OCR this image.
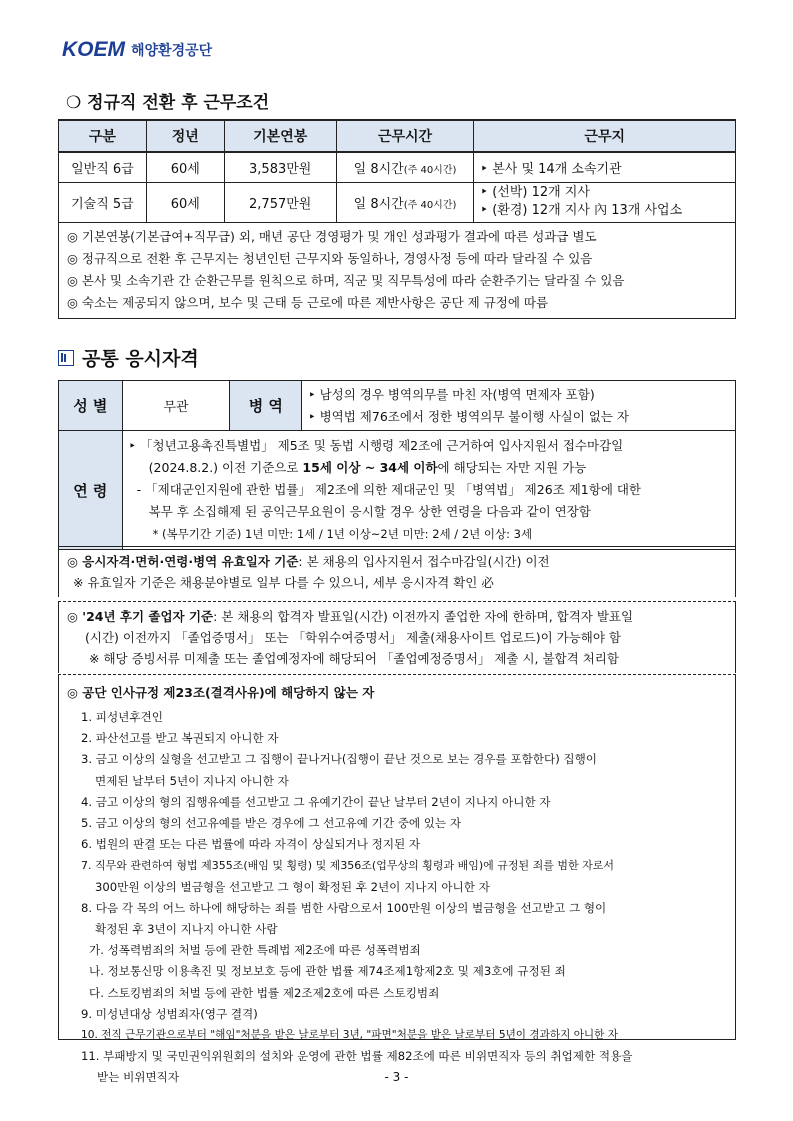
KOEM 해양환경공단
❍ 정규직 전환 후 근무조건
구분	정년	기본연봉	근무시간	근무지
일반직 6급	60세	3,583만원	일 8시간(주 40시간)	‣ 본사 및 14개 소속기관
기술직 5급	60세	2,757만원	일 8시간(주 40시간)	‣ (선박) 12개 지사
‣ (환경) 12개 지사 內 13개 사업소
◎ 기본연봉(기본급여+직무급) 외, 매년 공단 경영평가 및 개인 성과평가 결과에 따른 성과급 별도
◎ 정규직으로 전환 후 근무지는 청년인턴 근무지와 동일하나, 경영사정 등에 따라 달라질 수 있음
◎ 본사 및 소속기관 간 순환근무를 원칙으로 하며, 직군 및 직무특성에 따라 순환주기는 달라질 수 있음
◎ 숙소는 제공되지 않으며, 보수 및 근태 등 근로에 따른 제반사항은 공단 제 규정에 따름
공통 응시자격
성 별	무관	병 역	‣ 남성의 경우 병역의무를 마친 자(병역 면제자 포함)
‣ 병역법 제76조에서 정한 병역의무 불이행 사실이 없는 자

연 령	‣ 「청년고용촉진특별법」 제5조 및 동법 시행령 제2조에 근거하여 입사지원서 접수마감일
(2024.8.2.) 이전 기준으로 15세 이상 ~ 34세 이하에 해당되는 자만 지원 가능
- 「제대군인지원에 관한 법률」 제2조에 의한 제대군인 및 「병역법」 제26조 제1항에 대한
복무 후 소집해제 된 공익근무요원이 응시할 경우 상한 연령을 다음과 같이 연장함
* (복무기간 기준) 1년 미만: 1세 / 1년 이상~2년 미만: 2세 / 2년 이상: 3세		
◎ 응시자격·면허·연령·병역 유효일자 기준: 본 채용의 입사지원서 접수마감일(시간) 이전
※ 유효일자 기준은 채용분야별로 일부 다를 수 있으니, 세부 응시자격 확인 必
◎ '24년 후기 졸업자 기준: 본 채용의 합격자 발표일(시간) 이전까지 졸업한 자에 한하며, 합격자 발표일
(시간) 이전까지 「졸업증명서」 또는 「학위수여증명서」 제출(채용사이트 업로드)이 가능해야 함
※ 해당 증빙서류 미제출 또는 졸업예정자에 해당되어 「졸업예정증명서」 제출 시, 불합격 처리함
◎ 공단 인사규정 제23조(결격사유)에 해당하지 않는 자
1. 피성년후견인
2. 파산선고를 받고 복권되지 아니한 자
3. 금고 이상의 실형을 선고받고 그 집행이 끝나거나(집행이 끝난 것으로 보는 경우를 포함한다) 집행이
면제된 날부터 5년이 지나지 아니한 자
4. 금고 이상의 형의 집행유예를 선고받고 그 유예기간이 끝난 날부터 2년이 지나지 아니한 자
5. 금고 이상의 형의 선고유예를 받은 경우에 그 선고유예 기간 중에 있는 자
6. 법원의 판결 또는 다른 법률에 따라 자격이 상실되거나 정지된 자
7. 직무와 관련하여 형법 제355조(배임 및 횡령) 및 제356조(업무상의 횡령과 배임)에 규정된 죄를 범한 자로서
300만원 이상의 벌금형을 선고받고 그 형이 확정된 후 2년이 지나지 아니한 자
8. 다음 각 목의 어느 하나에 해당하는 죄를 범한 사람으로서 100만원 이상의 벌금형을 선고받고 그 형이
확정된 후 3년이 지나지 아니한 사람
가. 성폭력범죄의 처벌 등에 관한 특례법 제2조에 따른 성폭력범죄
나. 정보통신망 이용촉진 및 정보보호 등에 관한 법률 제74조제1항제2호 및 제3호에 규정된 죄
다. 스토킹범죄의 처벌 등에 관한 법률 제2조제2호에 따른 스토킹범죄
9. 미성년대상 성범죄자(영구 결격)
10. 전직 근무기관으로부터 "해임"처분을 받은 날로부터 3년, "파면"처분을 받은 날로부터 5년이 경과하지 아니한 자
11. 부패방지 및 국민권익위원회의 설치와 운영에 관한 법률 제82조에 따른 비위면직자 등의 취업제한 적용을
받는 비위면직자	- 3 -
